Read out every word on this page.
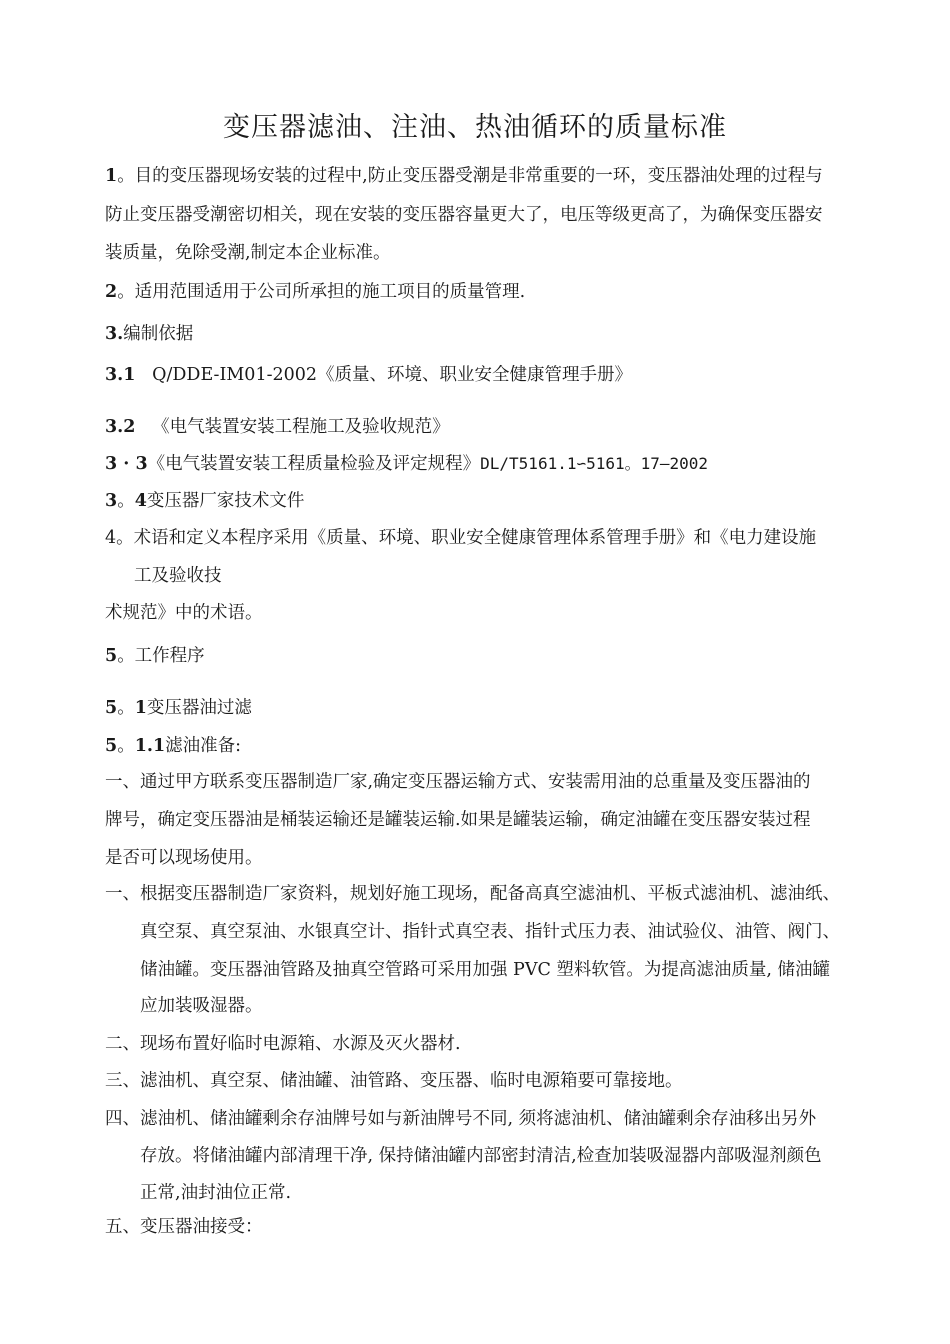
变压器滤油、注油、热油循环的质量标准
1。目的变压器现场安装的过程中,防止变压器受潮是非常重要的一环，变压器油处理的过程与
防止变压器受潮密切相关，现在安装的变压器容量更大了，电压等级更高了，为确保变压器安
装质量，免除受潮,制定本企业标准。
2。适用范围适用于公司所承担的施工项目的质量管理.
3.编制依据
3.1 Q/DDE-IM01-2002《质量、环境、职业安全健康管理手册》
3.2 《电气装置安装工程施工及验收规范》
3 · 3《电气装置安装工程质量检验及评定规程》DL/T5161.1∽5161。17—2002
3。4变压器厂家技术文件
4。术语和定义本程序采用《质量、环境、职业安全健康管理体系管理手册》和《电力建设施
工及验收技
术规范》中的术语。
5。工作程序
5。1变压器油过滤
5。1.1滤油准备:
一、通过甲方联系变压器制造厂家,确定变压器运输方式、安装需用油的总重量及变压器油的
牌号，确定变压器油是桶装运输还是罐装运输.如果是罐装运输，确定油罐在变压器安装过程
是否可以现场使用。
一、根据变压器制造厂家资料，规划好施工现场，配备高真空滤油机、平板式滤油机、滤油纸、
真空泵、真空泵油、水银真空计、指针式真空表、指针式压力表、油试验仪、油管、阀门、
储油罐。变压器油管路及抽真空管路可采用加强 PVC 塑料软管。为提高滤油质量, 储油罐
应加装吸湿器。
二、现场布置好临时电源箱、水源及灭火器材.
三、滤油机、真空泵、储油罐、油管路、变压器、临时电源箱要可靠接地。
四、滤油机、储油罐剩余存油牌号如与新油牌号不同, 须将滤油机、储油罐剩余存油移出另外
存放。将储油罐内部清理干净, 保持储油罐内部密封清洁,检查加装吸湿器内部吸湿剂颜色
正常,油封油位正常.
五、变压器油接受：
